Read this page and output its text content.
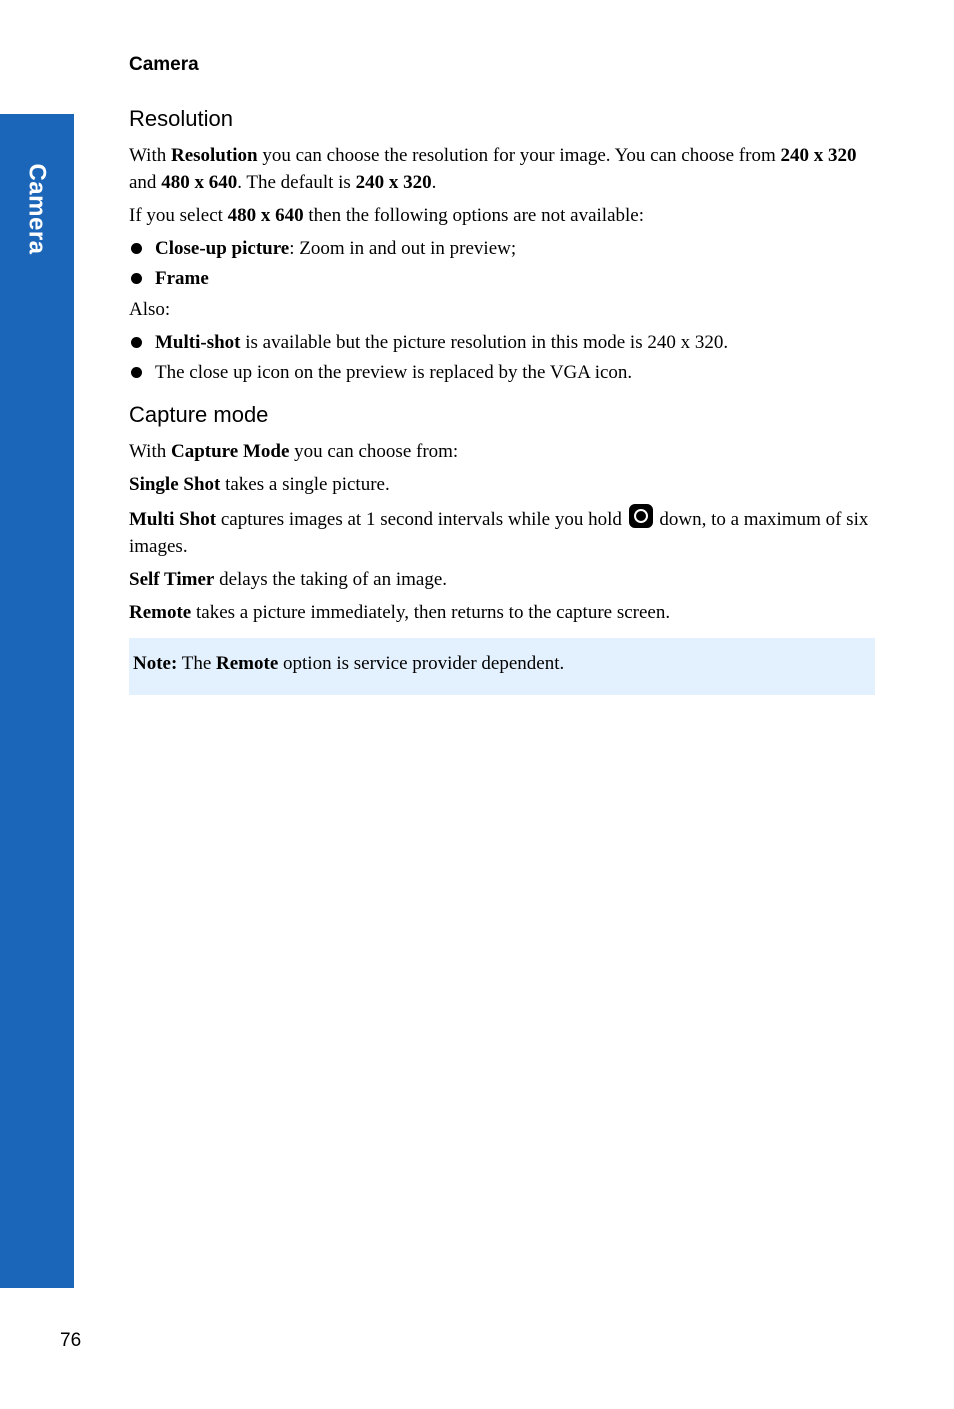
Camera

Camera

Resolution

With Resolution you can choose the resolution for your image. You can choose from 240 x 320 and 480 x 640. The default is 240 x 320.

If you select 480 x 640 then the following options are not available:

Close-up picture: Zoom in and out in preview;
Frame

Also:

Multi-shot is available but the picture resolution in this mode is 240 x 320.
The close up icon on the preview is replaced by the VGA icon.
Capture mode

With Capture Mode you can choose from:

Single Shot takes a single picture.

Multi Shot captures images at 1 second intervals while you hold
down, to a maximum of six images.

Self Timer delays the taking of an image.

Remote takes a picture immediately, then returns to the capture screen.

Note: The Remote option is service provider dependent.

76
